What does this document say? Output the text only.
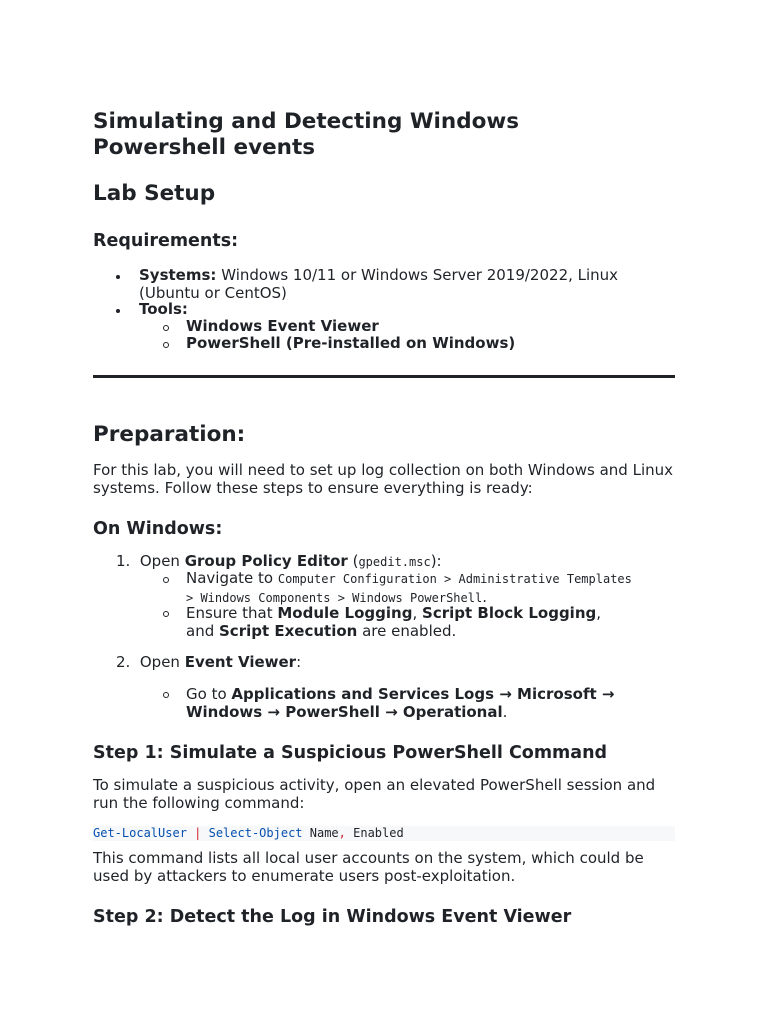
Simulating and Detecting Windows Powershell events
Lab Setup
Requirements:
Systems: Windows 10/11 or Windows Server 2019/2022, Linux
(Ubuntu or CentOS)
Tools:
Windows Event Viewer
PowerShell (Pre-installed on Windows)
Preparation:

For this lab, you will need to set up log collection on both Windows and Linux systems. Follow these steps to ensure everything is ready:

On Windows:
1. Open Group Policy Editor (gpedit.msc):
Navigate to Computer Configuration > Administrative Templates
> Windows Components > Windows PowerShell.
Ensure that Module Logging, Script Block Logging,
and Script Execution are enabled.
2. Open Event Viewer:
Go to Applications and Services Logs → Microsoft →
Windows → PowerShell → Operational.
Step 1: Simulate a Suspicious PowerShell Command

To simulate a suspicious activity, open an elevated PowerShell session and run the following command:

Get-LocalUser | Select-Object Name, Enabled

This command lists all local user accounts on the system, which could be used by attackers to enumerate users post-exploitation.

Step 2: Detect the Log in Windows Event Viewer
